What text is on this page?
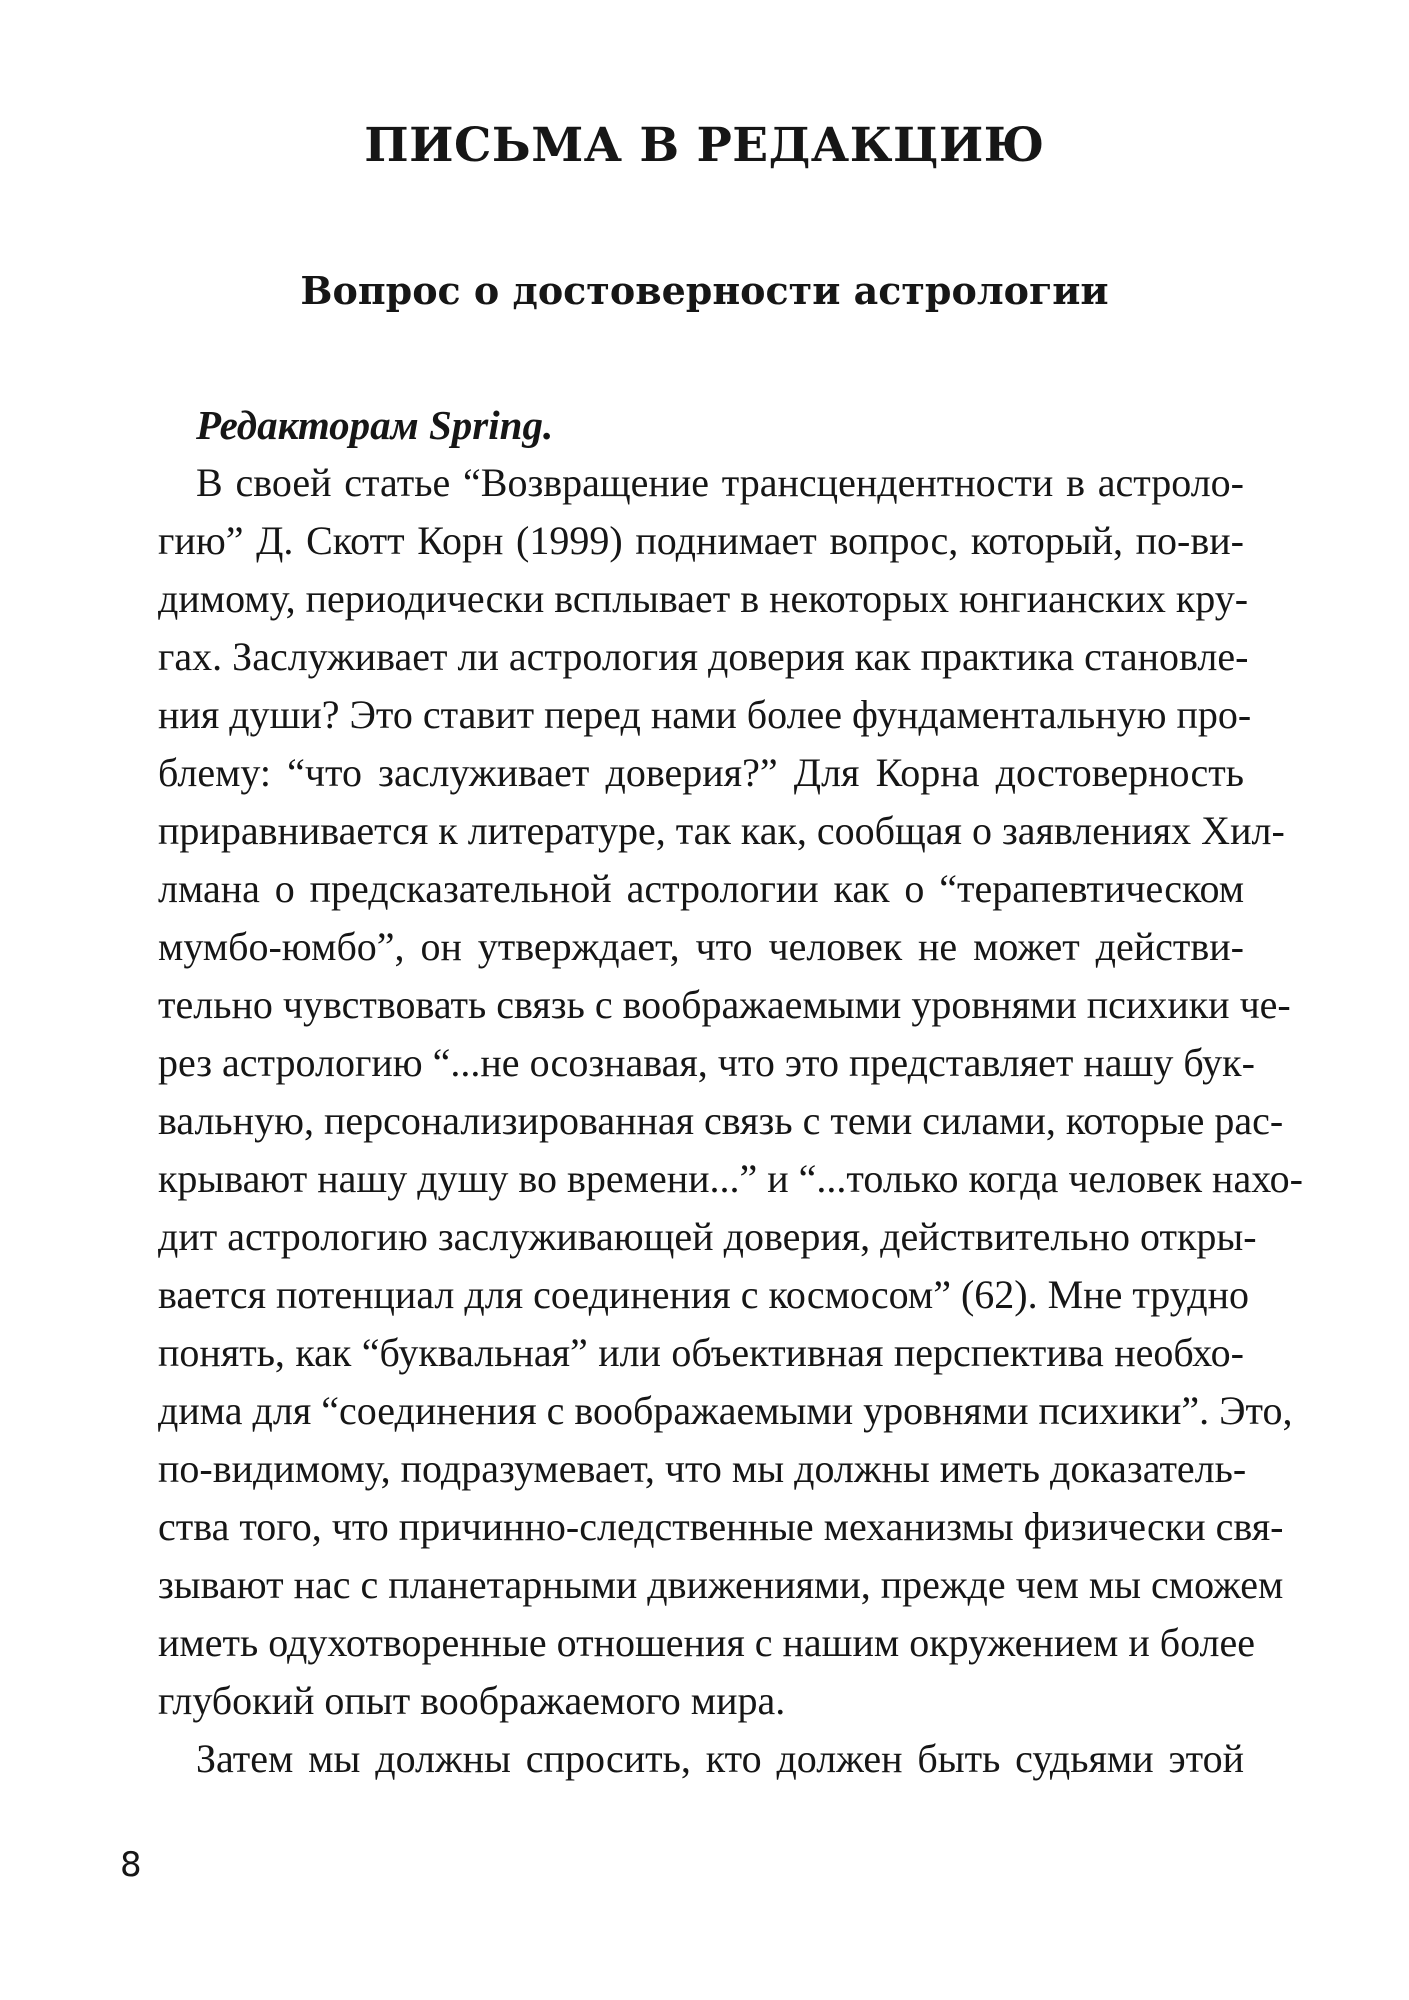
ПИСЬМА В РЕДАКЦИЮ
Вопрос о достоверности астрологии

Редакторам Spring.

В своей статье “Возвращение трансцендентности в астроло-
гию” Д. Скотт Корн (1999) поднимает вопрос, который, по-ви-
димому, периодически всплывает в некоторых юнгианских кру-
гах. Заслуживает ли астрология доверия как практика становле-
ния души? Это ставит перед нами более фундаментальную про-
блему: “что заслуживает доверия?” Для Корна достоверность
приравнивается к литературе, так как, сообщая о заявлениях Хил-
лмана о предсказательной астрологии как о “терапевтическом
мумбо-юмбо”, он утверждает, что человек не может действи-
тельно чувствовать связь с воображаемыми уровнями психики че-
рез астрологию “...не осознавая, что это представляет нашу бук-
вальную, персонализированная связь с теми силами, которые рас-
крывают нашу душу во времени...” и “...только когда человек нахо-
дит астрологию заслуживающей доверия, действительно откры-
вается потенциал для соединения с космосом” (62). Мне трудно
понять, как “буквальная” или объективная перспектива необхо-
дима для “соединения с воображаемыми уровнями психики”. Это,
по-видимому, подразумевает, что мы должны иметь доказатель-
ства того, что причинно-следственные механизмы физически свя-
зывают нас с планетарными движениями, прежде чем мы сможем
иметь одухотворенные отношения с нашим окружением и более
глубокий опыт воображаемого мира.
Затем мы должны спросить, кто должен быть судьями этой
8
